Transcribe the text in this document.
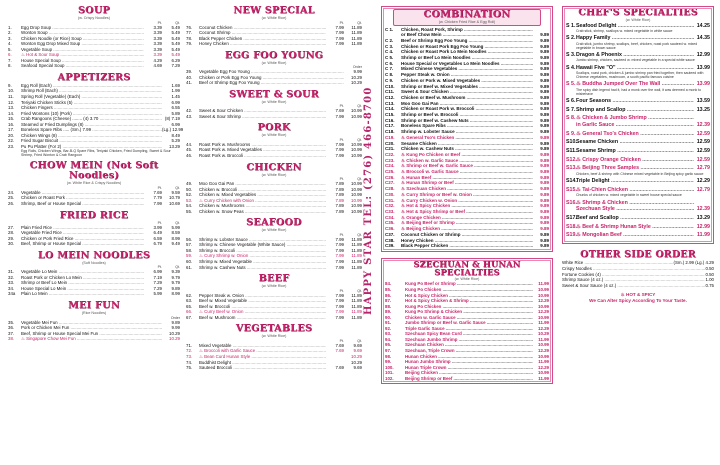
SOUP
(w. Crispy Noodles)
Pt.	Qt.
1.	Egg Drop Soup .....	3.39	5.49
2.	Wonton Soup .....	3.39	5.49
3.	Chicken Noodle (or Rice) Soup .....	3.39	5.49
4.	Wonton Egg Drop Mixed Soup .....	3.39	5.49
5.	Vegetable Soup .....	3.39	5.49
6.	♨ Hot & Sour Soup .....	3.39	5.49
7.	House Special Soup .....	4.29	6.29
8.	Seafood Special Soup .....	4.69	7.29
APPETIZERS
9.	Egg Roll (Each) .....	1.69
10.	Shrimp Roll (Each) .....	1.99
11.	Spring Roll (Vegetable) (Each) .....	1.45
12.	Teriyaki Chicken Sticks (5) .....	6.99
13.	Chicken Fingers .....	6.55
14.	Fried Wontons (10) (Pork) .....	5.89
15.	Crab Rangoons (Cheese) ........ (4) 3.70 .....	(8) 7.19
16.	Steamed or Fried Dumplings (8) .....	6.99
17.	Boneless Spare Ribs ..... (Sm.) 7.99 .....	(Lg.) 12.99
20.	Chicken Wings (8) .....	8.49
22.	Fried Sugar Biscuit .....	5.29
23.	Pu Pu Platter (For 2) .....	13.29
Egg Rolls, Chicken Wings, Bar-B-Q Spare Ribs, Teriyaki Chicken, Fried Dumpling, Sweet & Sour Shrimp, Fried Wonton & Crab Rangoon
CHOW MEIN (Not Soft Noodles)
(w. White Rice & Crispy Noodles)
Pt.	Qt.
24.	Vegetable .....	7.69	9.59
25.	Chicken or Roast Pork .....	7.79	10.79
26.	Shrimp, Beef or House Special .....	7.99	10.69
FRIED RICE
Pt.	Qt.
27.	Plain Fried Rice .....	3.99	5.99
28.	Vegetable Fried Rice .....	6.49	8.59
29.	Chicken or Pork Fried Rice .....	6.59	8.99
30.	Beef, Shrimp or House Special .....	6.79	9.49
LO MEIN NOODLES
(Soft Noodles)
Pt.	Qt.
31.	Vegetable Lo Mein .....	6.99	9.39
32.	Roast Pork or Chicken Lo Mein .....	7.19	9.79
33.	Shrimp or Beef Lo Mein .....	7.29	9.79
34.	House Special Lo Mein .....	7.29	9.89
34a	Plain Lo Mein .....	5.99	8.99
MEI FUN
(Rice Noodles)
Order
35.	Vegetable Mei Fun .....	9.89
36.	Pork or Chicken Mei Fun .....	9.99
37.	Beef, Shrimp or House Special Mei Fun .....	10.29
38.	♨ Singapore Chow Mei Fun .....	10.29
NEW SPECIAL
(w. White Rice)
Pt.	Qt.
76.	Coconut Chicken .....	7.99	11.89
77.	Coconut Shrimp .....	7.99	11.89
78.	Black Pepper Chicken .....	7.99	11.89
79.	Honey Chicken .....	7.99	11.89
EGG FOO YOUNG
(w. White Rice)
Order
39.	Vegetable Egg Foo Young .....	9.99
40.	Chicken or Pork Egg Foo Young .....	10.29
41.	Beef or Shrimp Egg Foo Young .....	10.29
SWEET & SOUR
(w. White Rice)
Pt.	Qt.
42.	Sweet & Sour Chicken .....	7.69	10.99
43.	Sweet & Sour Shrimp .....	7.99	10.99
PORK
(w. White Rice)
Pt.	Qt.
44.	Roast Pork w. Mushrooms .....	7.99	10.99
45.	Roast Pork w. Mixed Vegetables .....	7.99	10.99
46.	Roast Pork w. Broccoli .....	7.99	10.99
CHICKEN
(w. White Rice)
Pt.	Qt.
49.	Moo Goo Gai Pan .....	7.89	10.99
50.	Chicken w. Broccoli .....	7.89	10.99
52.	Chicken w. Mixed Vegetables .....	7.89	10.99
53.	♨ Curry Chicken with Onion .....	7.89	10.99
54.	Chicken w. Mushrooms .....	7.89	10.99
55.	Chicken w. Snow Peas .....	7.89	10.99
SEAFOOD
(w. White Rice)
Pt.	Qt.
56.	Shrimp w. Lobster Sauce .....	7.99	11.89
57.	Shrimp w. Chinese Vegetable (White Sauce) .....	7.99	11.89
58.	Shrimp w. Broccoli .....	7.99	11.89
59.	♨ Curry Shrimp w. Onion .....	7.99	11.89
60.	Shrimp w. Mixed Vegetable .....	7.99	11.89
61.	Shrimp w. Cashew Nuts .....	7.99	11.89
BEEF
(w. White Rice)
Pt.	Qt.
62.	Pepper Steak w. Onion .....	7.99	11.89
63.	Beef w. Mixed Vegetable .....	7.99	11.89
65.	Beef w. Broccoli .....	7.99	11.89
66.	♨ Curry Beef w. Onion .....	7.99	11.89
67.	Beef w. Mushroom .....	7.99	11.89
VEGETABLES
(w. White Rice)
Pt.	Qt.
71.	Mixed Vegetable .....	7.69	9.69
72.	♨ Broccoli with Garlic Sauce .....	7.69	9.69
73.	♨ Bean Curd Hunan Style .....	10.29
74.	Buddhist Delight .....	10.29
75.	Sauteed Broccoli .....	7.69	9.69
HAPPY STAR TEL: (276) 466-8700
COMBINATION
(w. Chicken Fried Rice & Egg Roll)
C 1.	Chicken, Roast Pork, Shrimp .....
or Beef Chow Mein .....	9.89
C 2.	Beef or Shrimp Egg Foo Young .....	9.89
C 3.	Chicken or Roast Pork Egg Foo Young .....	9.89
C 4.	Chicken or Roast Pork Lo Mein Noodles .....	9.89
C 5.	Shrimp or Beef Lo Mein Noodles .....	9.89
C 6.	House Special or Vegetables Lo Mein Noodles .....	9.89
C 7.	Mixed Chinese Vegetables .....	9.89
C 8.	Pepper Steak w. Onion .....	9.89
C 9.	Chicken or Pork w. Mixed Vegetables .....	9.89
C10.	Shrimp or Beef w. Mixed Vegetables .....	9.89
C11.	Sweet & Sour Chicken .....	9.89
C12.	Chicken or Beef w. Mushroom .....	9.89
C13.	Moo Goo Gai Pan .....	9.89
C14.	Chicken or Roast Pork w. Broccoli .....	9.89
C15.	Shrimp or Beef w. Broccoli .....	9.89
C16.	Shrimp or Beef w. Cashew Nuts .....	9.89
C17.	Boneless Spare Ribs .....	9.89
C18.	Shrimp w. Lobster Sauce .....	9.89
C19.	♨ General Tso's Chicken .....	9.89
C20.	Sesame Chicken .....	9.89
C21.	Chicken w. Cashew Nuts .....	9.89
C22.	♨ Kung Po Chicken or Beef .....	9.89
C23.	♨ Chicken w. Garlic Sauce .....	9.89
C24.	♨ Shrimp or Beef w. Garlic Sauce .....	9.89
C25.	♨ Broccoli w. Garlic Sauce .....	9.89
C26.	♨ Hunan Beef .....	9.89
C27.	♨ Hunan Shrimp or Beef .....	9.89
C28.	♨ Szechuan Chicken .....	9.89
C30.	♨ Curry Shrimp or Beef w. Onion .....	9.89
C31.	♨ Curry Chicken w. Onion .....	9.89
C32.	♨ Hot & Spicy Chicken .....	9.89
C33.	♨ Hot & Spicy Shrimp or Beef .....	9.89
C34.	♨ Orange Chicken .....	9.89
C35.	♨ Beijing Beef or Shrimp .....	9.89
C36.	♨ Beijing Chicken .....	9.89
C37.	Coconut Chicken or Shrimp .....	9.89
C38.	Honey Chicken .....	9.89
C39.	Black Pepper Chicken .....	9.89
SZECHUAN & HUNAN SPECIALTIES
(w. White Rice)
84.	Kung Po Beef or Shrimp .....	11.99
85.	Kung Po Chicken .....	10.99
86.	Hot & Spicy Chicken .....	10.99
87.	Hot & Spicy Chicken & Shrimp .....	12.29
88.	Kung Po Chicken .....	10.99
89.	Kung Po Shrimp & Chicken .....	12.29
90.	Chicken w. Garlic Sauce .....	10.99
91.	Jumbo Shrimp or Beef w. Garlic Sauce .....	11.99
92.	Triple Garlic Sauce .....	12.29
93.	Szechuan Spicy Bean Curd .....	10.29
94.	Szechuan Jumbo Shrimp .....	11.99
95.	Szechuan Chicken .....	10.99
97.	Szechuan, Triple Crown .....	12.29
98.	Hunan Chicken .....	10.99
99.	Hunan Jumbo Shrimp .....	11.99
100.	Hunan Triple Crown .....	12.29
101.	Beijing Chicken .....	10.99
102.	Beijing Shrimp or Beef .....	11.99
CHEF'S SPECIALTIES
(w. White Rice)
S 1. Seafood Delight .....	14.25
Crab stick, shrimp, scallops w. mixed vegetable in white sauce
S 2. Happy Family .....	14.35
Crab stick, jumbo shrimp, scallops, beef, chicken, roast pork sauteed w. mixed vegetable in brown sauce
S 3. Dragon & Phoenix .....	12.99
Jumbo shrimp, chicken, sauteed w. mixed vegetable in a special white sauce
S 4. Hawaii Five "O" .....	13.99
Scallops, roast pork, chicken & jumbo shrimp pan fried together, then sauteed with Chinese vegetables, mushroom, a south pacific famous cuisine
S 5. ♨ Buddha Jumped Over The Wall .....	13.99
The spicy dish legend had it, had a monk over the wall, it was deemed a monk to misbehave
S 6. Four Seasons .....	13.59
S 7. Shrimp and Scallop .....	13.25
S 8. ♨ Chicken & Jumbo Shrimp .....
in Garlic Sauce .....	12.39
S 9. ♨ General Tso's Chicken .....	12.59
S10. Sesame Chicken .....	12.59
S11. Sesame Shrimp .....	12.59
S12. ♨ Crispy Orange Chicken .....	12.59
S13. ♨ Beijing Three Samples .....	12.79
Chicken, beef & shrimp with Chinese mixed vegetable in Beijing spicy garlic sauce
S14. Triple Delight .....	12.29
S15. ♨ Tai-Chien Chicken .....	12.79
Chunks of chicken w. mixed vegetable in sweet house special sauce
S16. ♨ Shrimp & Chicken .....
Szechuan Style .....	12.39
S17. Beef and Scallop .....	13.29
S18. ♨ Beef & Shrimp Hunan Style .....	12.99
S19. ♨ Mongolian Beef .....	11.99
OTHER SIDE ORDER
White Rice .....	(Sm.) 2.99 (Lg.) 4.29
Crispy Noodles .....	0.50
Fortune Cookies (4) .....	0.50
Shrimp Sauce (4 oz.) .....	1.00
Sweet & Sour Sauce (4 oz.) .....	0.75
♨ HOT & SPICY
We Can Alter Spicy According To Your Taste.
